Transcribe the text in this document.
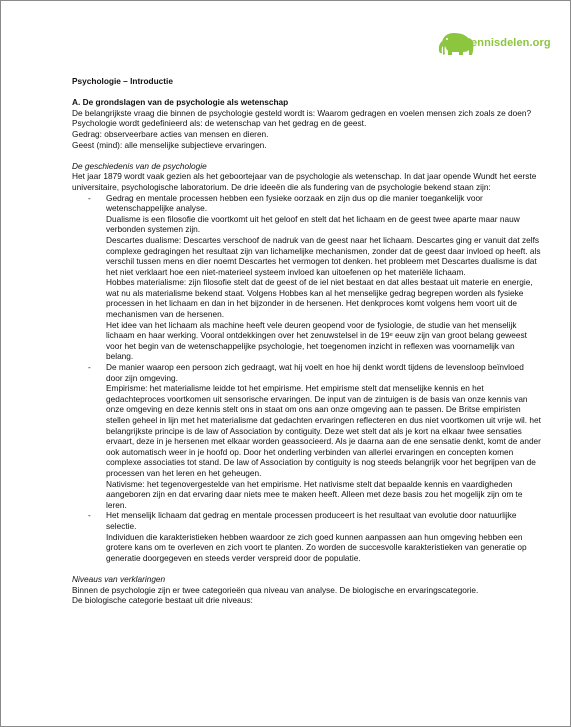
Kennisdelen.org

Psychologie – Introductie

A. De grondslagen van de psychologie als wetenschap

De belangrijkste vraag die binnen de psychologie gesteld wordt is: Waarom gedragen en voelen mensen zich zoals ze doen?

Psychologie wordt gedefinieerd als: de wetenschap van het gedrag en de geest.

Gedrag: observeerbare acties van mensen en dieren.

Geest (mind): alle menselijke subjectieve ervaringen.

De geschiedenis van de psychologie

Het jaar 1879 wordt vaak gezien als het geboortejaar van de psychologie als wetenschap. In dat jaar opende Wundt het eerste universitaire, psychologische laboratorium. De drie ideeën die als fundering van de psychologie bekend staan zijn:

- Gedrag en mentale processen hebben een fysieke oorzaak en zijn dus op die manier toegankelijk voor wetenschappelijke analyse.

Dualisme is een filosofie die voortkomt uit het geloof en stelt dat het lichaam en de geest twee aparte maar nauw verbonden systemen zijn.

Descartes dualisme: Descartes verschoof de nadruk van de geest naar het lichaam. Descartes ging er vanuit dat zelfs complexe gedragingen het resultaat zijn van lichamelijke mechanismen, zonder dat de geest daar invloed op heeft. als verschil tussen mens en dier noemt Descartes het vermogen tot denken. het probleem met Descartes dualisme is dat het niet verklaart hoe een niet-materieel systeem invloed kan uitoefenen op het materiële lichaam.

Hobbes materialisme: zijn filosofie stelt dat de geest of de iel niet bestaat en dat alles bestaat uit materie en energie, wat nu als materialisme bekend staat. Volgens Hobbes kan al het menselijke gedrag begrepen worden als fysieke processen in het lichaam en dan in het bijzonder in de hersenen. Het denkproces komt volgens hem voort uit de mechanismen van de hersenen.

Het idee van het lichaam als machine heeft vele deuren geopend voor de fysiologie, de studie van het menselijk lichaam en haar werking. Vooral ontdekkingen over het zenuwstelsel in de 19ᵉ eeuw zijn van groot belang geweest voor het begin van de wetenschappelijke psychologie, het toegenomen inzicht in reflexen was voornamelijk van belang.

- De manier waarop een persoon zich gedraagt, wat hij voelt en hoe hij denkt wordt tijdens de levensloop beïnvloed door zijn omgeving.

Empirisme: het materialisme leidde tot het empirisme. Het empirisme stelt dat menselijke kennis en het gedachteproces voortkomen uit sensorische ervaringen. De input van de zintuigen is de basis van onze kennis van onze omgeving en deze kennis stelt ons in staat om ons aan onze omgeving aan te passen. De Britse empiristen stellen geheel in lijn met het materialisme dat gedachten ervaringen reflecteren en dus niet voortkomen uit vrije wil. het belangrijkste principe is de law of Association by contiguity. Deze wet stelt dat als je kort na elkaar twee sensaties ervaart, deze in je hersenen met elkaar worden geassocieerd. Als je daarna aan de ene sensatie denkt, komt de ander ook automatisch weer in je hoofd op. Door het onderling verbinden van allerlei ervaringen en concepten komen complexe associaties tot stand. De law of Association by contiguity is nog steeds belangrijk voor het begrijpen van de processen van het leren en het geheugen.

Nativisme: het tegenovergestelde van het empirisme. Het nativisme stelt dat bepaalde kennis en vaardigheden aangeboren zijn en dat ervaring daar niets mee te maken heeft. Alleen met deze basis zou het mogelijk zijn om te leren.

- Het menselijk lichaam dat gedrag en mentale processen produceert is het resultaat van evolutie door natuurlijke selectie.

Individuen die karakteristieken hebben waardoor ze zich goed kunnen aanpassen aan hun omgeving hebben een grotere kans om te overleven en zich voort te planten. Zo worden de succesvolle karakteristieken van generatie op generatie doorgegeven en steeds verder verspreid door de populatie.

Niveaus van verklaringen

Binnen de psychologie zijn er twee categorieën qua niveau van analyse. De biologische en ervaringscategorie.

De biologische categorie bestaat uit drie niveaus:
